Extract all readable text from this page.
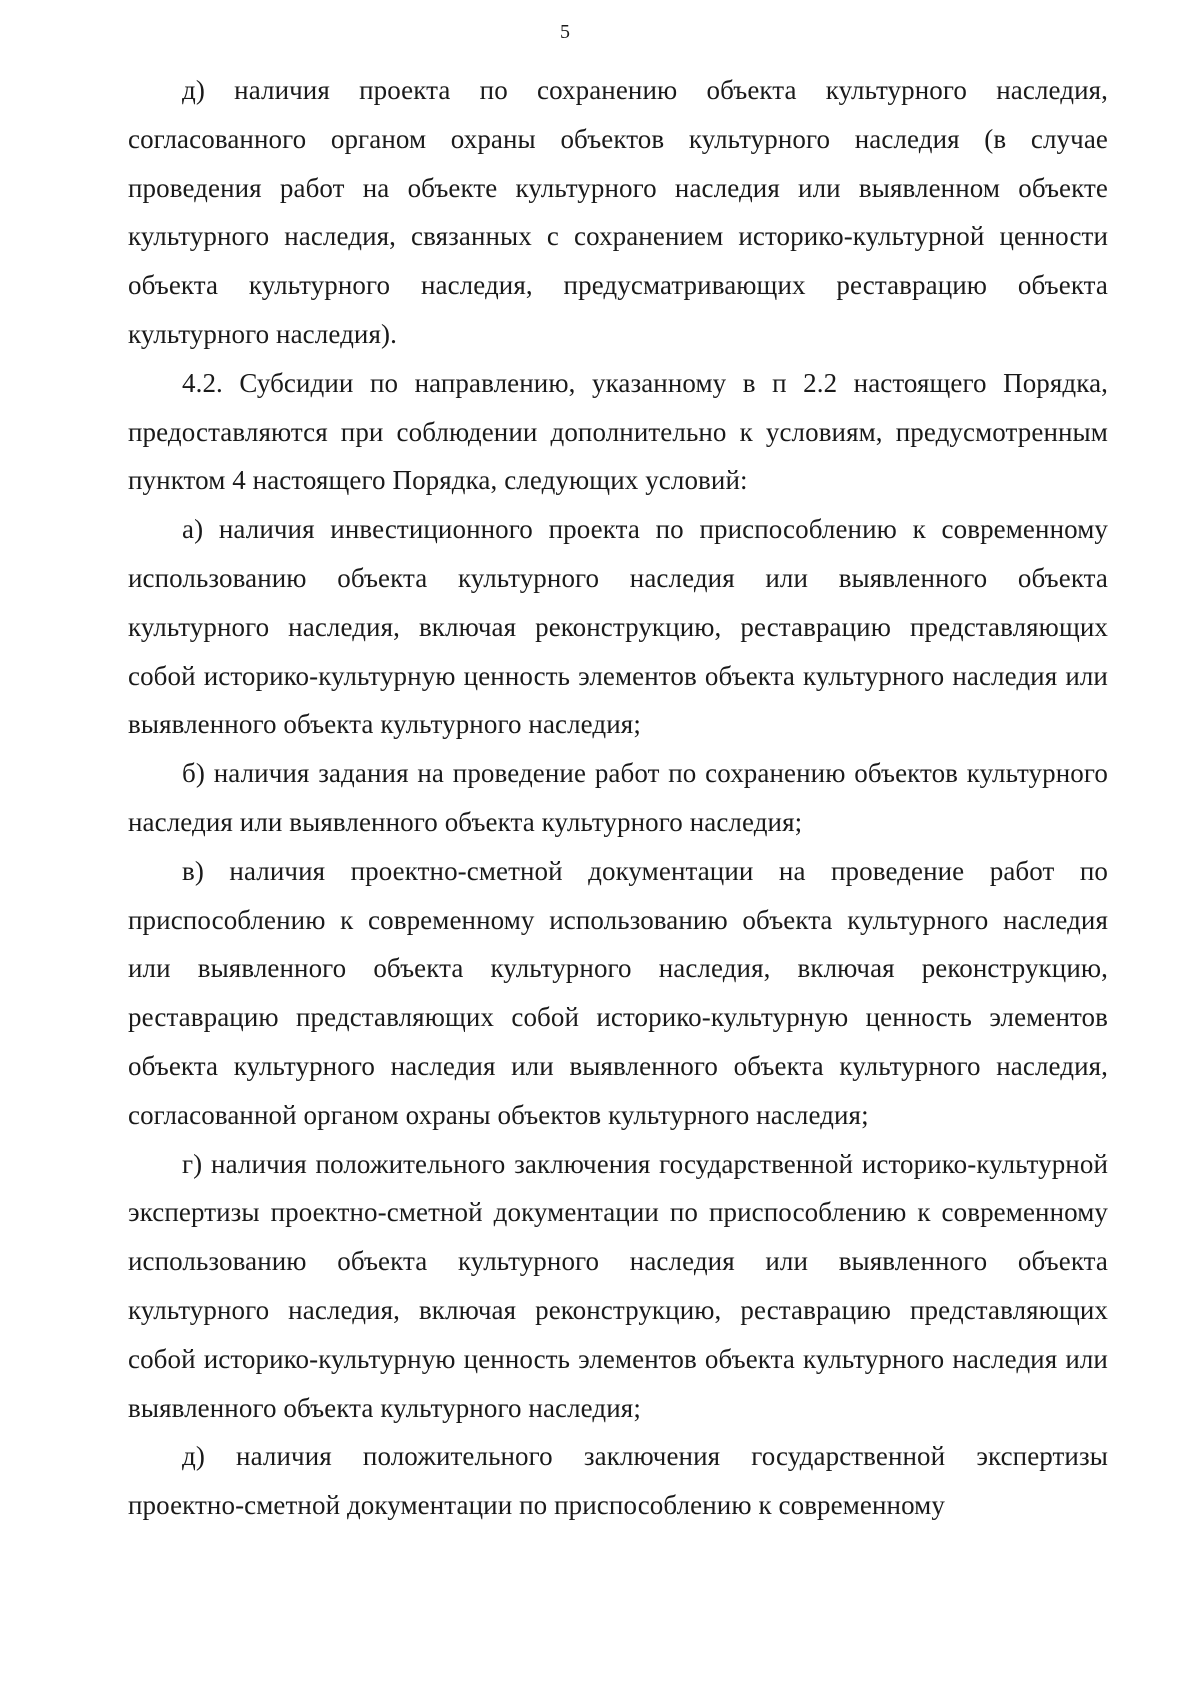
5

д) наличия проекта по сохранению объекта культурного наследия, согласованного органом охраны объектов культурного наследия (в случае проведения работ на объекте культурного наследия или выявленном объекте культурного наследия, связанных с сохранением историко-культурной ценности объекта культурного наследия, предусматривающих реставрацию объекта культурного наследия).

4.2. Субсидии по направлению, указанному в п 2.2 настоящего Порядка, предоставляются при соблюдении дополнительно к условиям, предусмотренным пунктом 4 настоящего Порядка, следующих условий:

а) наличия инвестиционного проекта по приспособлению к современному использованию объекта культурного наследия или выявленного объекта культурного наследия, включая реконструкцию, реставрацию представляющих собой историко-культурную ценность элементов объекта культурного наследия или выявленного объекта культурного наследия;

б) наличия задания на проведение работ по сохранению объектов культурного наследия или выявленного объекта культурного наследия;

в) наличия проектно-сметной документации на проведение работ по приспособлению к современному использованию объекта культурного наследия или выявленного объекта культурного наследия, включая реконструкцию, реставрацию представляющих собой историко-культурную ценность элементов объекта культурного наследия или выявленного объекта культурного наследия, согласованной органом охраны объектов культурного наследия;

г) наличия положительного заключения государственной историко-культурной экспертизы проектно-сметной документации по приспособлению к современному использованию объекта культурного наследия или выявленного объекта культурного наследия, включая реконструкцию, реставрацию представляющих собой историко-культурную ценность элементов объекта культурного наследия или выявленного объекта культурного наследия;

д) наличия положительного заключения государственной экспертизы проектно-сметной документации по приспособлению к современному
